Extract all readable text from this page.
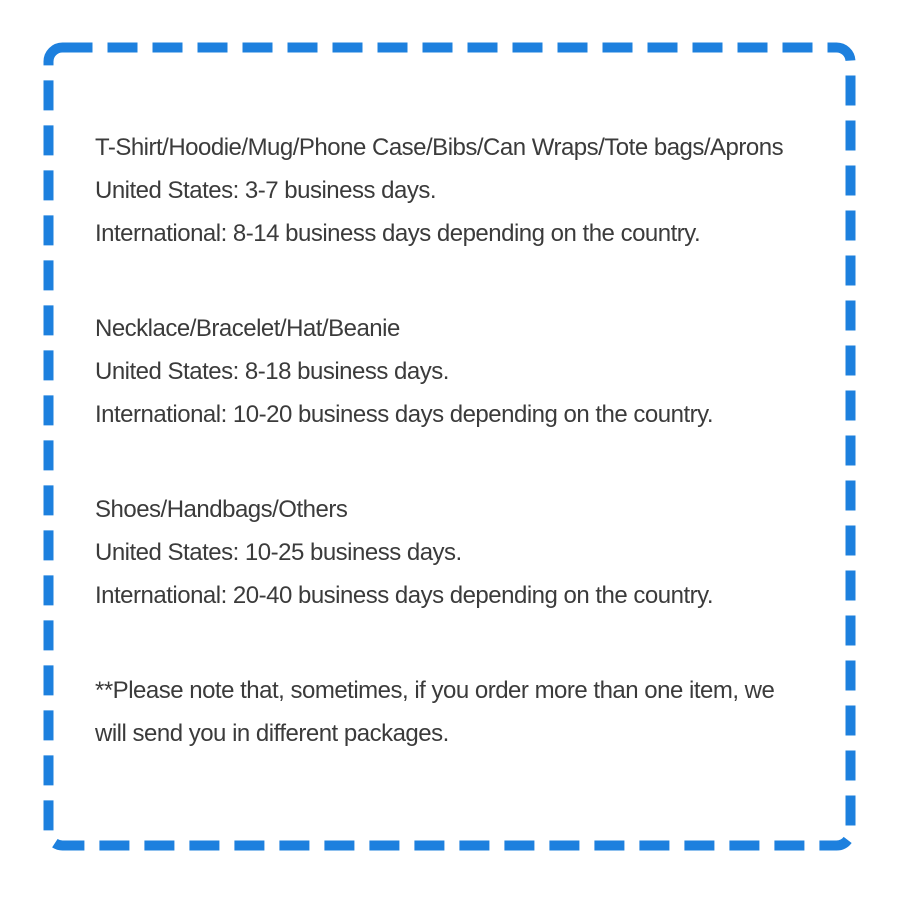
T-Shirt/Hoodie/Mug/Phone Case/Bibs/Can Wraps/Tote bags/Aprons

United States: 3-7 business days.

International: 8-14 business days depending on the country.

Necklace/Bracelet/Hat/Beanie

United States: 8-18 business days.

International: 10-20 business days depending on the country.

Shoes/Handbags/Others

United States: 10-25 business days.

International: 20-40 business days depending on the country.

**Please note that, sometimes, if you order more than one item, we

will send you in different packages.
